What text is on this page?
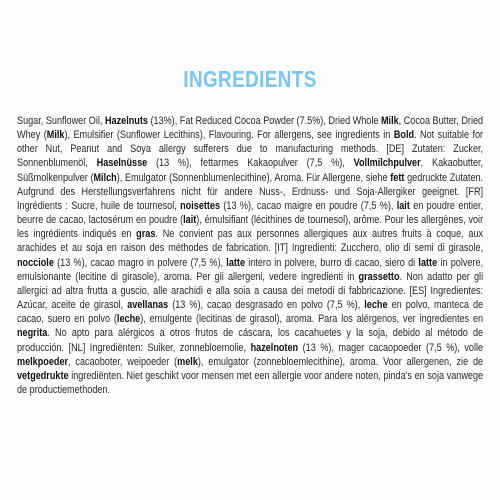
INGREDIENTS

Sugar, Sunflower Oil, Hazelnuts (13%), Fat Reduced Cocoa Powder (7.5%), Dried Whole Milk, Cocoa Butter, Dried Whey (Milk), Emulsifier (Sunflower Lecithins), Flavouring. For allergens, see ingredients in Bold. Not suitable for other Nut, Peanut and Soya allergy sufferers due to manufacturing methods. [DE] Zutaten: Zucker, Sonnenblumenöl, Haselnüsse (13 %), fettarmes Kakaopulver (7,5 %), Vollmilchpulver, Kakaobutter, Süßmolkenpulver (Milch), Emulgator (Sonnenblumenlecithine), Aroma. Für Allergene, siehe fett gedruckte Zutaten. Aufgrund des Herstellungsverfahrens nicht für andere Nuss-, Erdnuss- und Soja-Allergiker geeignet. [FR] Ingrédients : Sucre, huile de tournesol, noisettes (13 %), cacao maigre en poudre (7,5 %), lait en poudre entier, beurre de cacao, lactosérum en poudre (lait), émulsifiant (lécithines de tournesol), arôme. Pour les allergènes, voir les ingrédients indiqués en gras. Ne convient pas aux personnes allergiques aux autres fruits à coque, aux arachides et au soja en raison des méthodes de fabrication. [IT] Ingredienti: Zucchero, olio di semi di girasole, nocciole (13 %), cacao magro in polvere (7,5 %), latte intero in polvere, burro di cacao, siero di latte in polvere, emulsionante (lecitine di girasole), aroma. Per gli allergeni, vedere ingredienti in grassetto. Non adatto per gli allergici ad altra frutta a guscio, alle arachidi e alla soia a causa dei metodi di fabbricazione. [ES] Ingredientes: Azúcar, aceite de girasol, avellanas (13 %), cacao desgrasado en polvo (7,5 %), leche en polvo, manteca de cacao, suero en polvo (leche), emulgente (lecitinas de girasol), aroma. Para los alérgenos, ver ingredientes en negrita. No apto para alérgicos a otros frutos de cáscara, los cacahuetes y la soja, debido al método de producción. [NL] Ingrediënten: Suiker, zonnebloemolie, hazelnoten (13 %), mager cacaopoeder (7,5 %), volle melkpoeder, cacaoboter, weipoeder (melk), emulgator (zonnebloemlecithine), aroma. Voor allergenen, zie de vetgedrukte ingrediënten. Niet geschikt voor mensen met een allergie voor andere noten, pinda's en soja vanwege de productiemethoden.
